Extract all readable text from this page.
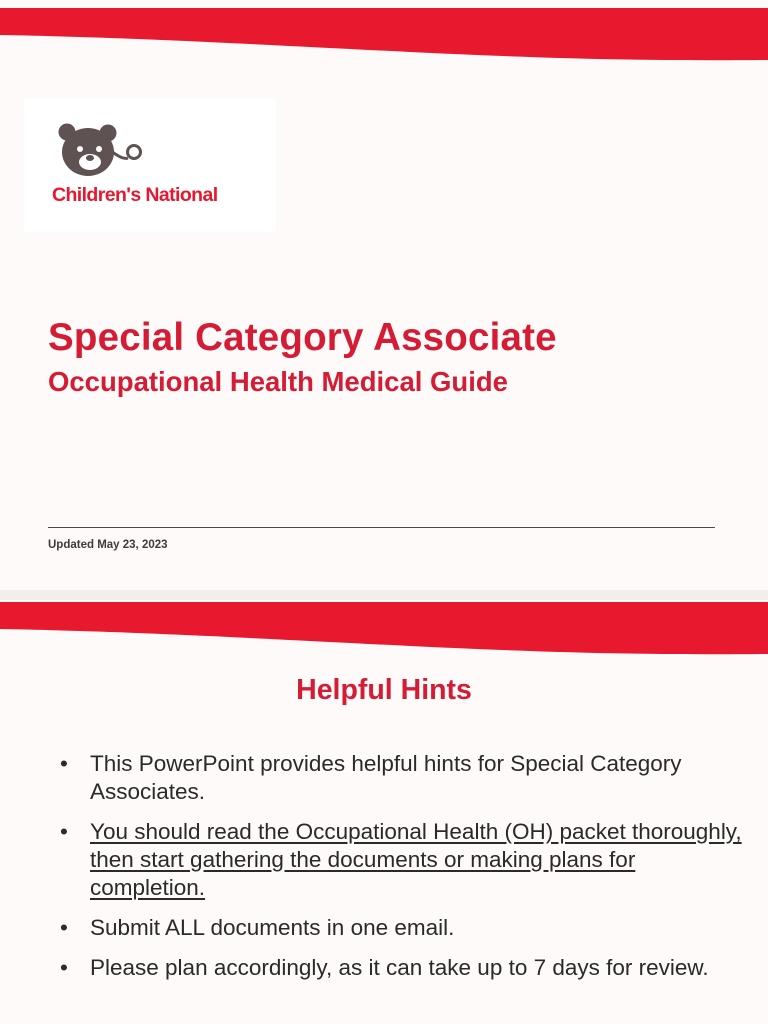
Children's National
Special Category Associate
Occupational Health Medical Guide
Updated May 23, 2023
Helpful Hints
• This PowerPoint provides helpful hints for Special Category Associates.
• You should read the Occupational Health (OH) packet thoroughly, then start gathering the documents or making plans for completion.
• Submit ALL documents in one email.
• Please plan accordingly, as it can take up to 7 days for review.
